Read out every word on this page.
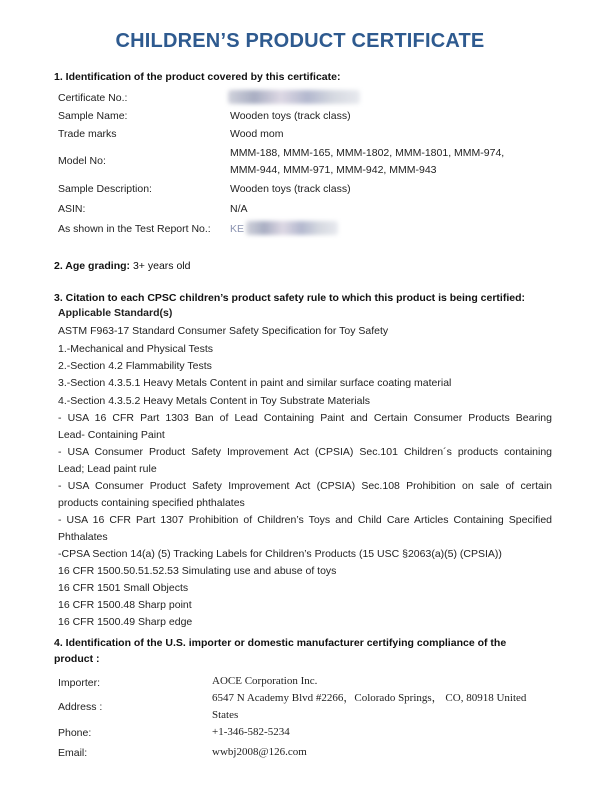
CHILDREN’S PRODUCT CERTIFICATE
1. Identification of the product covered by this certificate:
Certificate No.:
Sample Name:	Wooden toys (track class)
Trade marks	Wood mom
Model No:
MMM-188, MMM-165, MMM-1802, MMM-1801, MMM-974,
MMM-944, MMM-971, MMM-942, MMM-943
Sample Description:	Wooden toys (track class)
ASIN:	N/A
As shown in the Test Report No.: KE
2. Age grading: 3+ years old
3. Citation to each CPSC children’s product safety rule to which this product is being certified:
Applicable Standard(s)
ASTM F963-17 Standard Consumer Safety Specification for Toy Safety
1.-Mechanical and Physical Tests
2.-Section 4.2 Flammability Tests
3.-Section 4.3.5.1 Heavy Metals Content in paint and similar surface coating material
4.-Section 4.3.5.2 Heavy Metals Content in Toy Substrate Materials
- USA 16 CFR Part 1303 Ban of Lead Containing Paint and Certain Consumer Products Bearing
Lead- Containing Paint
- USA Consumer Product Safety Improvement Act (CPSIA) Sec.101 Children´s products containing
Lead; Lead paint rule
- USA Consumer Product Safety Improvement Act (CPSIA) Sec.108 Prohibition on sale of certain
products containing specified phthalates
- USA 16 CFR Part 1307 Prohibition of Children’s Toys and Child Care Articles Containing Specified
Phthalates
-CPSA Section 14(a) (5) Tracking Labels for Children’s Products (15 USC §2063(a)(5) (CPSIA))
16 CFR 1500.50.51.52.53 Simulating use and abuse of toys
16 CFR 1501 Small Objects
16 CFR 1500.48 Sharp point
16 CFR 1500.49 Sharp edge
4. Identification of the U.S. importer or domestic manufacturer certifying compliance of the
product :
Importer:	AOCE Corporation Inc.
Address :
6547 N Academy Blvd #2266，Colorado Springs， CO, 80918 United
States
Phone:	+1-346-582-5234
Email:	wwbj2008@126.com
